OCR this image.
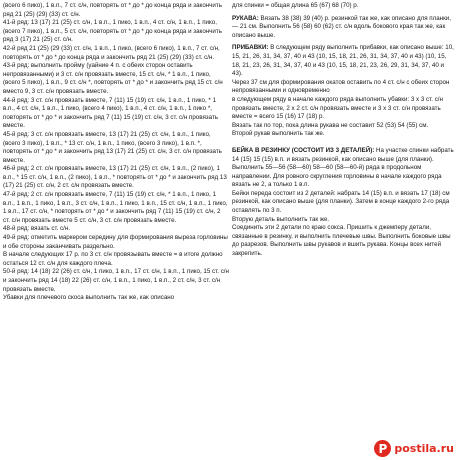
(всего 6 пико), 1 в.п., 7 ст. с/н, повторять от * до * до конца ряда и закончить ряд 21 (25) (29) (33) ст. с/н.

41-й ряд: 13 (17) 21 (25) ст. с/н, 1 в.п., 1 пико, 1 в.п., 4 ст. с/н, 1 в.п., 1 пико, (всего 7 пико), 1 в.п., 5 ст. с/н, повторять от * до * до конца ряда и закончить ряд 3 (17) 21 (25) ст. с/н.

42-й ряд 21 (25) (29 (33) ст. с/н, 1 в.п., 1 пико, (всего 6 пико), 1 в.п., 7 ст. с/н, повторять от * до * до конца ряда и закончить ряд 21 (25) (29) (33) ст. с/н.

43-й ряд: выполнить пройму (уайние 4 п. с обеих сторон оставить непровязанными) и 3 ст. с/н провязать вместе, 15 ст. с/н, * 1 в.п., 1 пико, (всего 5 пико), 1 в.п., 9 ст. с/н *, повторять от * до * и закончить ряд 15 ст. с/н вместо 9, 3 ст. с/н провязать вместе.

44-й ряд: 3 ст. с/н провязать вместе, 7 (11) 15 (19) ст. с/н, 1 в.п., 1 пико, * 1 в.п., 4 ст. с/н, 1 в.п., 1 пико, (всего 4 пико), 1 в.п., 4 ст. с/н, 1 в.п., 1 пико *, повторять от * до * и закончить ряд 7 (11) 15 (19) ст. с/н, 3 ст. с/н провязать вместе.

45-й ряд: 3 ст. с/н провязать вместе, 13 (17) 21 (25) ст. с/н, 1 в.п., 1 пико, (всего 3 пико), 1 в.п., * 13 ст. с/н, 1 в.п., 1 пико, (всего 3 пико), 1 в.п. *, повторять от * до * и закончить ряд 13 (17) 21 (25) ст. с/н, 3 ст. с/н провязать вместе.

46-й ряд: 2 ст. с/н провязать вместе, 13 (17) 21 (25) ст. с/н, 1 в.п., (2 пико), 1 в.п., * 15 ст. с/н, 1 в.п., (2 пико), 1 в.п., * повторять от * до * и закончить ряд 13 (17) 21 (25) ст. с/н, 2 ст. с/н провязать вместе.

47-й ряд: 2 ст. с/н провязать вместе, 7 (11) 15 (19) ст. с/н, * 1 в.п., 1 пико, 1 в.п., 1 в.п., 1 пико, 1 в.п., 3 ст. с/н, 1 в.п., 1 пико, 1 в.п., 15 ст. с/н, 1 в.п., 1 пико, 1 в.п., 17 ст. с/н, * повторять от * до * и закончить ряд 7 (11) 15 (19) ст. с/н, 2 ст. с/н провязать вместе 5 ст. с/н, 3 ст. с/н провязать вместе.

48-й ряд: вязать ст. с/н.

49-й ряд: отметить маркером середину для формирования выреза горловины и обе стороны заканчивать раздельно.

В начале следующих 17 р. по 3 ст. с/н провязывать вместе = в итоге должно остаться 12 ст. с/н для каждого плеча.

50-й ряд: 14 (18) 22 (26) ст. с/н, 1 пико, 1 в.п., 17 ст. с/н, 1 в.п., 1 пико, 15 ст. с/н и закончить ряд 14 (18) 22 (26) ст. с/н, 1 в.п., 1 пико, 1 в.п., 2 ст. с/н, 3 ст. с/н провязать вместе.

Убавки для плечевого скоса выполнить так же, как описано

для спинки = общая длина 65 (67) 68 (70) р.

РУКАВА: Вязать 38 (38) 39 (40) р. резинкой так же, как описано для планки, — 21 см. Выполнить 56 (58) 60 (62) ст. с/н вдоль бокового края так же, как описано выше.

ПРИБАВКИ: В следующем ряду выполнить прибавки, как описано выше: 10, 15, 21, 26, 31, 34, 37, 40 и 43 (10, 15, 18, 21, 26, 31, 34, 37, 40 и 43) (10, 15, 18, 21, 23, 26, 31, 34, 37, 40 и 43 (10, 15, 18, 21, 23, 26, 29, 31, 34, 37, 40 и 43).

Через 37 см для формирования окатов оставить по 4 ст. с/н с обеих сторон непровязанными и одновременно

в следующем ряду в начале каждого ряда выполнить убавки: 3 х 3 ст. с/н провязать вместе, 2 х 2 ст. с/н провязать вместе и 3 х 3 ст. с/н провязать вместе = всего 15 (16) 17 (18) р.

Вязать так по тор, пока длина рукава не составит 52 (53) 54 (55) см.

Второй рукав выполнить так же.

БЕЙКА В РЕЗИНКУ (СОСТОИТ ИЗ 3 ДЕТАЛЕЙ): На участке спинки набрать 14 (15) 15 (15) в.п. и вязать резинкой, как описано выше (для планки). Выполнить 55—56 (58—60) 58—60 (58—60-й) ряда в продольном направлении. Для ровного скругления горловины в начале каждого ряда вязать не 2, а только 1 в.п.

Бейки переда состоит из 2 деталей: набрать 14 (15) в.п. и вязать 17 (18) см резинкой, как описано выше (для планки). Затем в конце каждого 2-го ряда оставлять по 3 п.

Вторую деталь выполнить так же.

Соединить эти 2 детали по краю сокса. Пришить к джемперу детали, связанные в резинку, и выполнить плечевые швы. Выполнить боковые швы до разрезов. Выполнить швы рукавов и вшить рукава. Концы всех нитей закрепить.

P postila.ru
